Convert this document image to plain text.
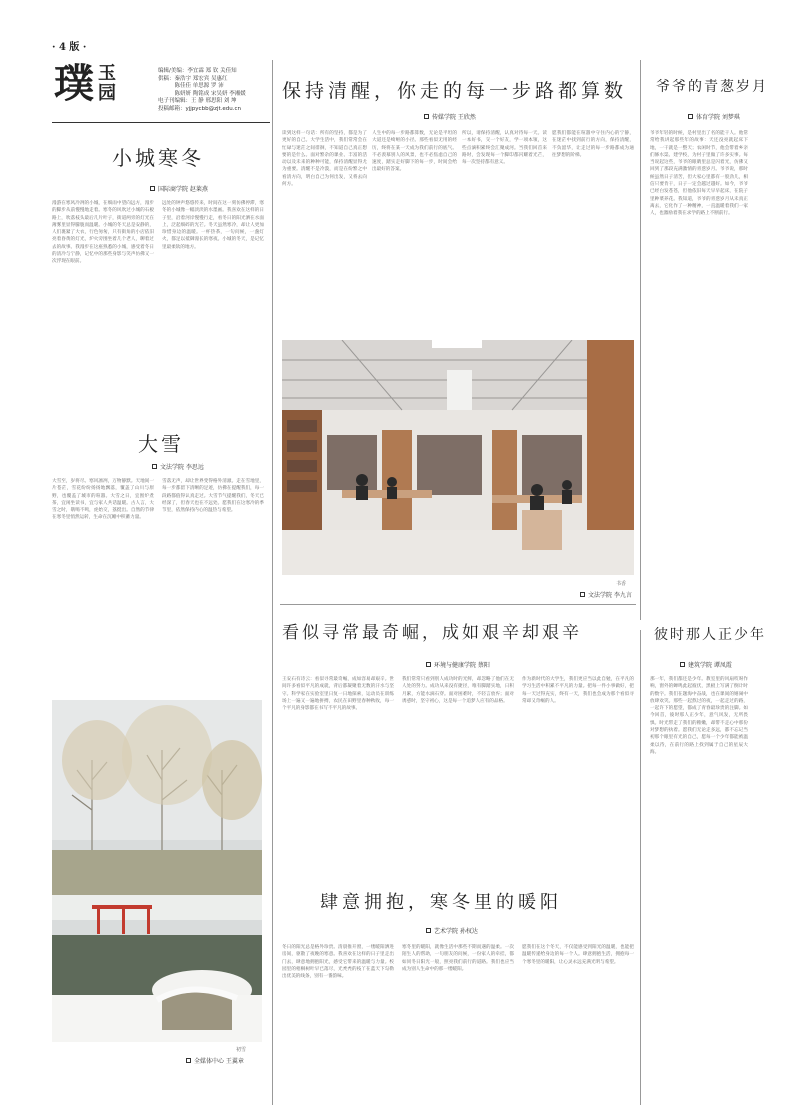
· 4 版 ·
璞 玉
园
编辑/美编：李宜霖 郑 钦 关佳知
供稿：秦浩宇 郑宏宾 吴惠红
　　　陈佳佳 单思源 罗 沛
　　　陈妍妍 陶铭成 宋吴妍 李湘媛
电子刊编辑：王 静 邢思阳 刘 坤
投稿邮箱：yjjpycbb@zjt.edu.cn
小城寒冬
国际商学院 赵莱燕
漫游在寒风冷冽的小城，在细雨中望向远方，漫步的脚步从前慢慢地走着。寒冬的风吹过小城的石板路上，吹落枝头最后几片叶子，街道两旁的灯光在薄雾里显得朦胧而温暖。小城的冬天总是安静的，人们裹紧了大衣，行色匆匆，只有街角的小店依旧亮着昏黄的灯光，炉火旁围坐着几个老人，聊着过去的故事。我漫步在这座熟悉的小城，感受着冬日的清冷与宁静，记忆中的那些身影与笑声仿佛又一次浮现在眼前。
远处的钟声悠悠传来，时间在这一刻仿佛停滞，寒冬的小城像一幅淡淡的水墨画。我喜欢在这样的日子里，沿着河岸慢慢行走，看冬日的阳光洒在水面上，泛起细碎的光芒。冬天虽然寒冷，却让人更加珍惜身边的温暖。一杯热茶，一句问候，一盏灯火，都足以抵御漫长的寒夜。小城的冬天，是记忆里最柔软的地方。
大雪
文法学院 李思远
大雪至，岁将尽。寒风凛冽，万物静默。天地间一片苍茫，雪花纷纷扬扬地飘落，覆盖了山川与原野，也覆盖了城市的喧嚣。大雪之日，宜围炉煮茶，宜闲坐读书，宜与家人共话温暖。古人言，大雪之时，鹖鴠不鸣，虎始交，荔挺出。自然的节律在寒冬里悄然运转，生命在沉睡中积蓄力量。
雪落无声，却让世界变得格外清澈。走在雪地里，每一步都留下清晰的足迹，仿佛在提醒我们，每一段路都值得认真走过。大雪节气提醒我们，冬天已经深了，但春天也在不远处。愿我们在这寒冷的季节里，依然保持内心的温热与希望。
初雪
全媒体中心 王翼章
保持清醒，你走的每一步路都算数
传媒学院 王欣然
读到这样一句话：所有的坚持，都是为了更好的自己。大学生活中，我们常常会在忙碌与迷茫之间徘徊，不知道自己真正想要的是什么。面对繁杂的课业、丰富的活动以及未来的种种可能，保持清醒显得尤为重要。清醒不是冷漠，而是在纷繁之中看清方向，明白自己为何出发，又将去向何方。
人生中的每一步路都算数，无论是平坦的大道还是崎岖的小径。那些看似无用的经历，终将在某一天成为我们前行的底气。不必羡慕别人的风景，也不必焦虑自己的速度，踏实走好脚下的每一步，时间会给出最好的答案。
所以，请保持清醒，认真对待每一天。读一本好书，交一个好友，学一项本领，这些点滴积累终会汇聚成河。当我们回首来路时，会发现每一个脚印都闪耀着光芒，每一次坚持都有意义。
愿我们都能在喧嚣中守住内心的宁静，在迷茫中找到前行的方向，保持清醒，不负韶华，让走过的每一步路都成为通往梦想的阶梯。
书香
文法学院 李九言
爷爷的青葱岁月
体育学院 刘梦琪
爷爷年轻的时候，是村里出了名的能干人。他常常给我讲起那些年的故事：天还没亮就起床下地，一干就是一整天；农闲时节，他会带着乡亲们修水渠、建学校，为村子里做了许多实事。每当说起这些，爷爷的眼睛里总是闪着光，仿佛又回到了那段充满激情的青葱岁月。爷爷说，那时候虽然日子清苦，但大家心里都有一股劲儿，相信只要肯干，日子一定会越过越好。如今，爷爷已经白发苍苍，但他依旧每天早早起床，在院子里种菜养花。我知道，爷爷的青葱岁月从未真正离去，它化作了一种精神，一直温暖着我们一家人，也激励着我在求学的路上不断前行。
看似寻常最奇崛，成如艰辛却艰辛
环境与健康学院 蔡阳
王安石有诗云：看似寻常最奇崛，成如容易却艰辛。世间许多看似平凡的成就，背后都凝聚着无数的汗水与坚守。科学家在实验室里日复一日地探索，运动员在训练场上一遍又一遍地拼搏，农民在田野里春种秋收，每一个平凡的身影都在书写不平凡的故事。
我们常常只看到别人成功时的光鲜，却忽略了他们在无人处的努力。成功从来没有捷径，唯有脚踏实地，日积月累，方能水滴石穿。面对困难时，不轻言放弃；面对诱惑时，坚守初心，这是每一个追梦人应有的品格。
作为新时代的大学生，我们更应当以此自勉，在平凡的学习生活中积累不平凡的力量。把每一件小事做好，把每一天过得充实，终有一天，我们也会成为那个看似寻常却又奇崛的人。
彼时那人正少年
建筑学院 谭凤霞
那一年，我们都还是少年。教室里的风扇吱呀作响，窗外的蝉鸣此起彼伏，黑板上写满了倒计时的数字。我们在题海中奋战，也在课间的嬉闹中放肆欢笑。那些一起熬过的夜，一起走过的路，一起许下的愿望，都成了青春最珍贵的注脚。如今回首，彼时那人正少年，意气风发，无所畏惧。时光带走了我们的稚嫩，却带不走心中那份对梦想的执着。愿我们无论走多远，都不忘记当初那个眼里有光的自己，愿每一个少年都能被温柔以待，在前行的路上找到属于自己的星辰大海。
肆意拥抱，寒冬里的暖阳
艺术学院 孙权达
冬日的阳光总是格外珍贵。清晨推开窗，一缕暖阳洒进房间，驱散了夜晚的寒意。我喜欢在这样的日子里走出门去，肆意地拥抱阳光，感受它带来的温暖与力量。校园里的梧桐树叶早已落尽，光秃秃的枝丫在蓝天下勾勒出优美的线条，别有一番韵味。
寒冬里的暖阳，就像生活中那些不期而遇的温柔。一次陌生人的帮助，一句朋友的问候，一份家人的牵挂，都如同冬日阳光一般，照亮我们前行的道路。我们也应当成为别人生命中的那一缕暖阳。
愿我们在这个冬天，不仅能感受到阳光的温暖，也能把温暖传递给身边的每一个人。肆意拥抱生活，拥抱每一个寒冬里的暖阳，让心灵永远充满光明与希望。
